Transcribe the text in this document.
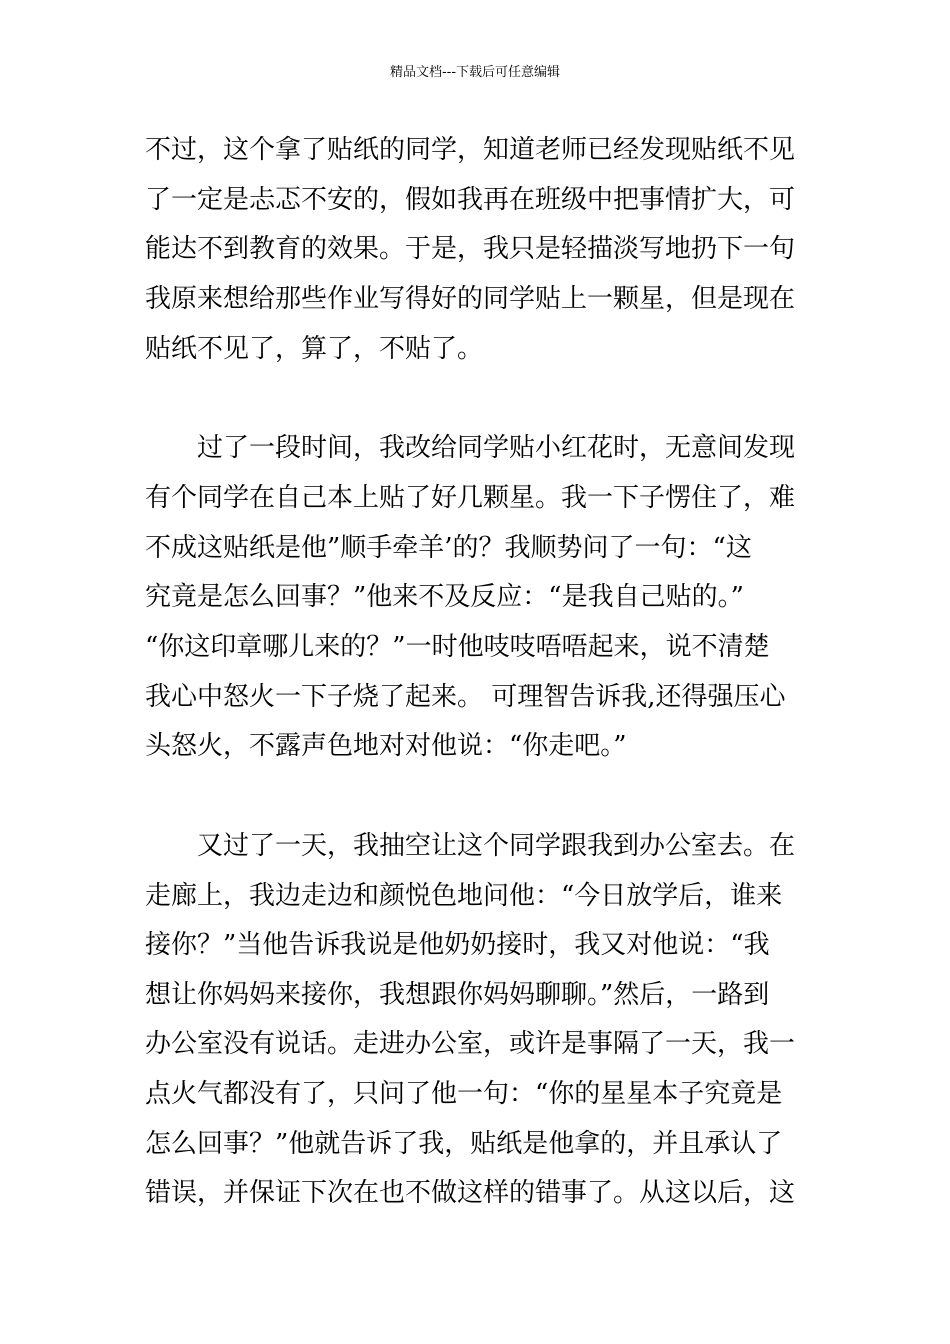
精品文档---下载后可任意编辑
不过，这个拿了贴纸的同学，知道老师已经发现贴纸不见
了一定是忐忑不安的，假如我再在班级中把事情扩大，可
能达不到教育的效果。于是，我只是轻描淡写地扔下一句
我原来想给那些作业写得好的同学贴上一颗星，但是现在
贴纸不见了，算了，不贴了。
　　过了一段时间，我改给同学贴小红花时，无意间发现
有个同学在自己本上贴了好几颗星。我一下子愣住了，难
不成这贴纸是他”顺手牵羊’的？我顺势问了一句：“这
究竟是怎么回事？”他来不及反应：“是我自己贴的。”
“你这印章哪儿来的？”一时他吱吱唔唔起来，说不清楚
我心中怒火一下子烧了起来。 可理智告诉我,还得强压心
头怒火，不露声色地对对他说：“你走吧。”
　　又过了一天，我抽空让这个同学跟我到办公室去。在
走廊上，我边走边和颜悦色地问他：“今日放学后，谁来
接你？”当他告诉我说是他奶奶接时，我又对他说：“我
想让你妈妈来接你，我想跟你妈妈聊聊。”然后，一路到
办公室没有说话。走进办公室，或许是事隔了一天，我一
点火气都没有了，只问了他一句：“你的星星本子究竟是
怎么回事？”他就告诉了我，贴纸是他拿的，并且承认了
错误，并保证下次在也不做这样的错事了。从这以后，这
